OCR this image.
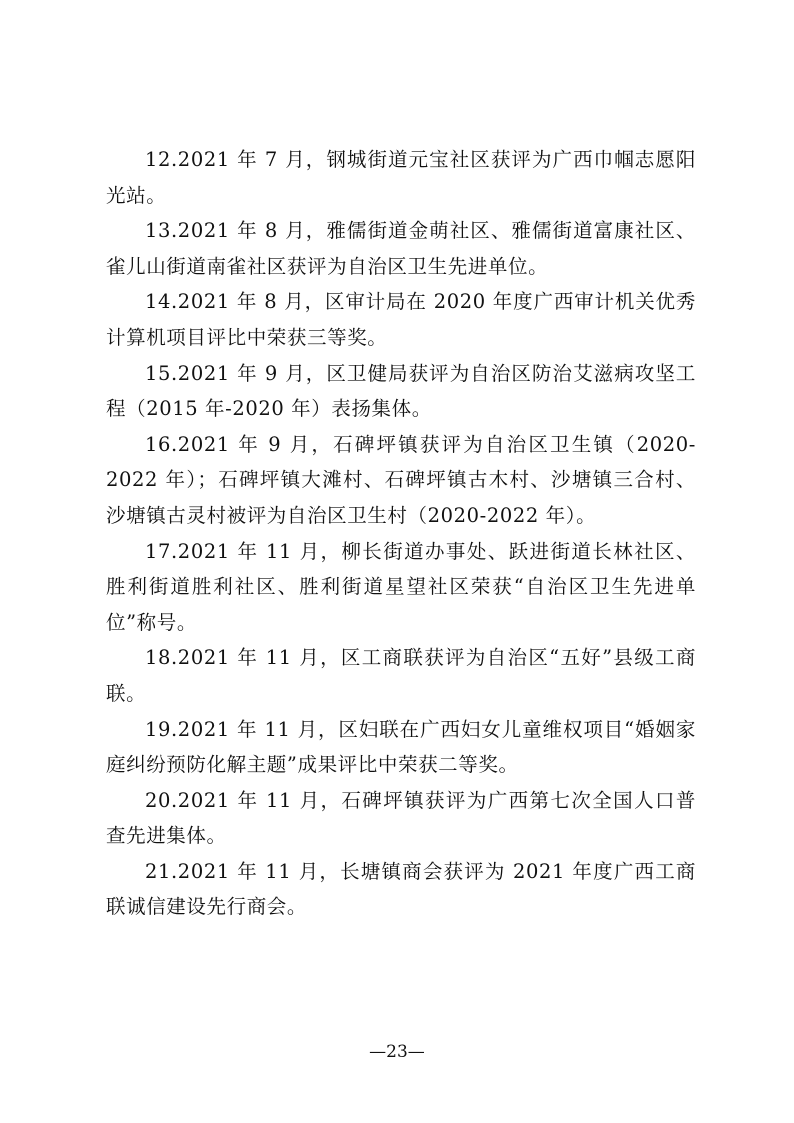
12.2021 年 7 月，钢城街道元宝社区获评为广西巾帼志愿阳光站。

13.2021 年 8 月，雅儒街道金萌社区、雅儒街道富康社区、雀儿山街道南雀社区获评为自治区卫生先进单位。

14.2021 年 8 月，区审计局在 2020 年度广西审计机关优秀计算机项目评比中荣获三等奖。

15.2021 年 9 月，区卫健局获评为自治区防治艾滋病攻坚工程（2015 年-2020 年）表扬集体。

16.2021 年 9 月，石碑坪镇获评为自治区卫生镇（2020-2022 年）；石碑坪镇大滩村、石碑坪镇古木村、沙塘镇三合村、沙塘镇古灵村被评为自治区卫生村（2020-2022 年）。

17.2021 年 11 月，柳长街道办事处、跃进街道长林社区、胜利街道胜利社区、胜利街道星望社区荣获“自治区卫生先进单位”称号。

18.2021 年 11 月，区工商联获评为自治区“五好”县级工商联。

19.2021 年 11 月，区妇联在广西妇女儿童维权项目“婚姻家庭纠纷预防化解主题”成果评比中荣获二等奖。

20.2021 年 11 月，石碑坪镇获评为广西第七次全国人口普查先进集体。

21.2021 年 11 月，长塘镇商会获评为 2021 年度广西工商联诚信建设先行商会。

—23—
